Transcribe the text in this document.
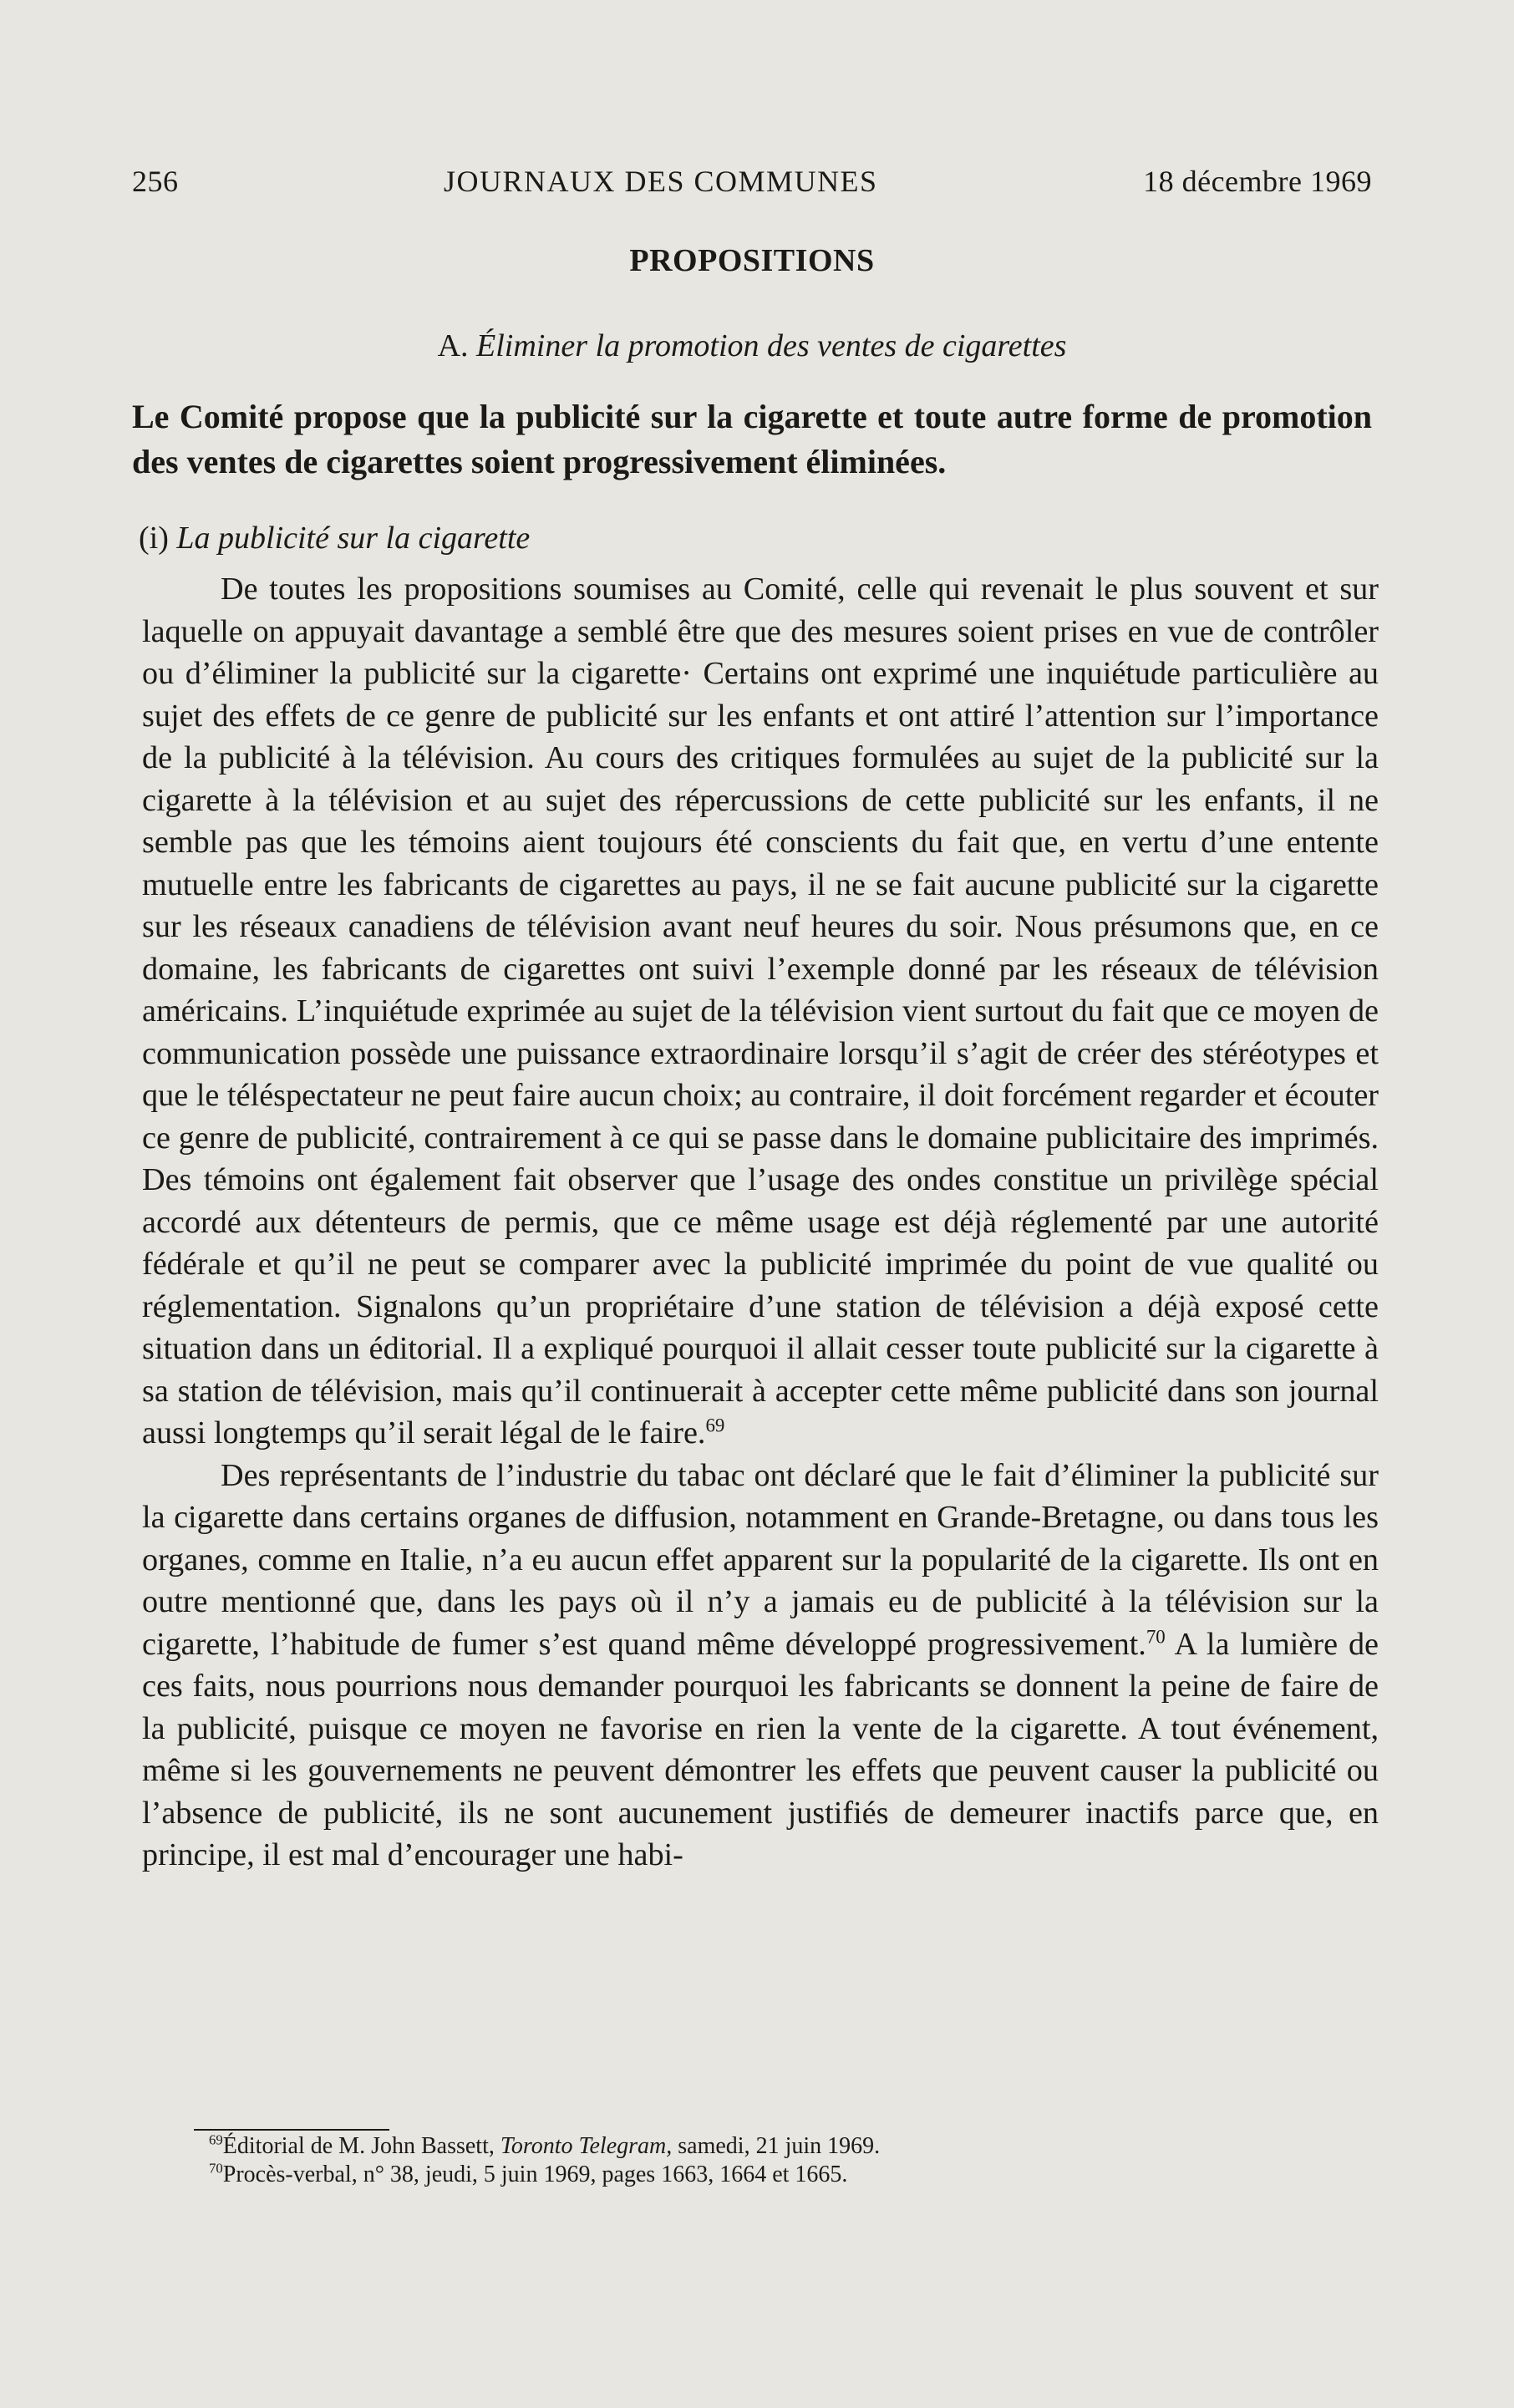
256	JOURNAUX DES COMMUNES	18 décembre 1969
PROPOSITIONS
A. Éliminer la promotion des ventes de cigarettes
Le Comité propose que la publicité sur la cigarette et toute autre forme de promotion des ventes de cigarettes soient progressivement éliminées.
(i) La publicité sur la cigarette

De toutes les propositions soumises au Comité, celle qui revenait le plus souvent et sur laquelle on appuyait davantage a semblé être que des mesures soient prises en vue de contrôler ou d’éliminer la publicité sur la cigarette· Certains ont exprimé une inquiétude particulière au sujet des effets de ce genre de publicité sur les enfants et ont attiré l’attention sur l’importance de la publicité à la télévision. Au cours des critiques formulées au sujet de la publicité sur la cigarette à la télévision et au sujet des répercussions de cette publicité sur les enfants, il ne semble pas que les témoins aient toujours été conscients du fait que, en vertu d’une entente mutuelle entre les fabricants de cigarettes au pays, il ne se fait aucune publicité sur la cigarette sur les réseaux canadiens de télévision avant neuf heures du soir. Nous présumons que, en ce domaine, les fabricants de cigarettes ont suivi l’exemple donné par les réseaux de télévision américains. L’inquiétude exprimée au sujet de la télévision vient surtout du fait que ce moyen de communication possède une puissance extraordinaire lorsqu’il s’agit de créer des stéréotypes et que le téléspectateur ne peut faire aucun choix; au contraire, il doit forcément regarder et écouter ce genre de publicité, contrairement à ce qui se passe dans le domaine publicitaire des imprimés. Des témoins ont également fait observer que l’usage des ondes constitue un privilège spécial accordé aux détenteurs de permis, que ce même usage est déjà réglementé par une autorité fédérale et qu’il ne peut se comparer avec la publicité imprimée du point de vue qualité ou réglementation. Signalons qu’un propriétaire d’une station de télévision a déjà exposé cette situation dans un éditorial. Il a expliqué pourquoi il allait cesser toute publicité sur la cigarette à sa station de télévision, mais qu’il continuerait à accepter cette même publicité dans son journal aussi longtemps qu’il serait légal de le faire.$^{69}$

Des représentants de l’industrie du tabac ont déclaré que le fait d’éliminer la publicité sur la cigarette dans certains organes de diffusion, notamment en Grande-Bretagne, ou dans tous les organes, comme en Italie, n’a eu aucun effet apparent sur la popularité de la cigarette. Ils ont en outre mentionné que, dans les pays où il n’y a jamais eu de publicité à la télévision sur la cigarette, l’habitude de fumer s’est quand même développé progressivement.$^{70}$ A la lumière de ces faits, nous pourrions nous demander pourquoi les fabricants se donnent la peine de faire de la publicité, puisque ce moyen ne favorise en rien la vente de la cigarette. A tout événement, même si les gouvernements ne peuvent démontrer les effets que peuvent causer la publicité ou l’absence de publicité, ils ne sont aucunement justifiés de demeurer inactifs parce que, en principe, il est mal d’encourager une habi-

$^{69}$Éditorial de M. John Bassett, Toronto Telegram, samedi, 21 juin 1969.
$^{70}$Procès-verbal, n° 38, jeudi, 5 juin 1969, pages 1663, 1664 et 1665.
